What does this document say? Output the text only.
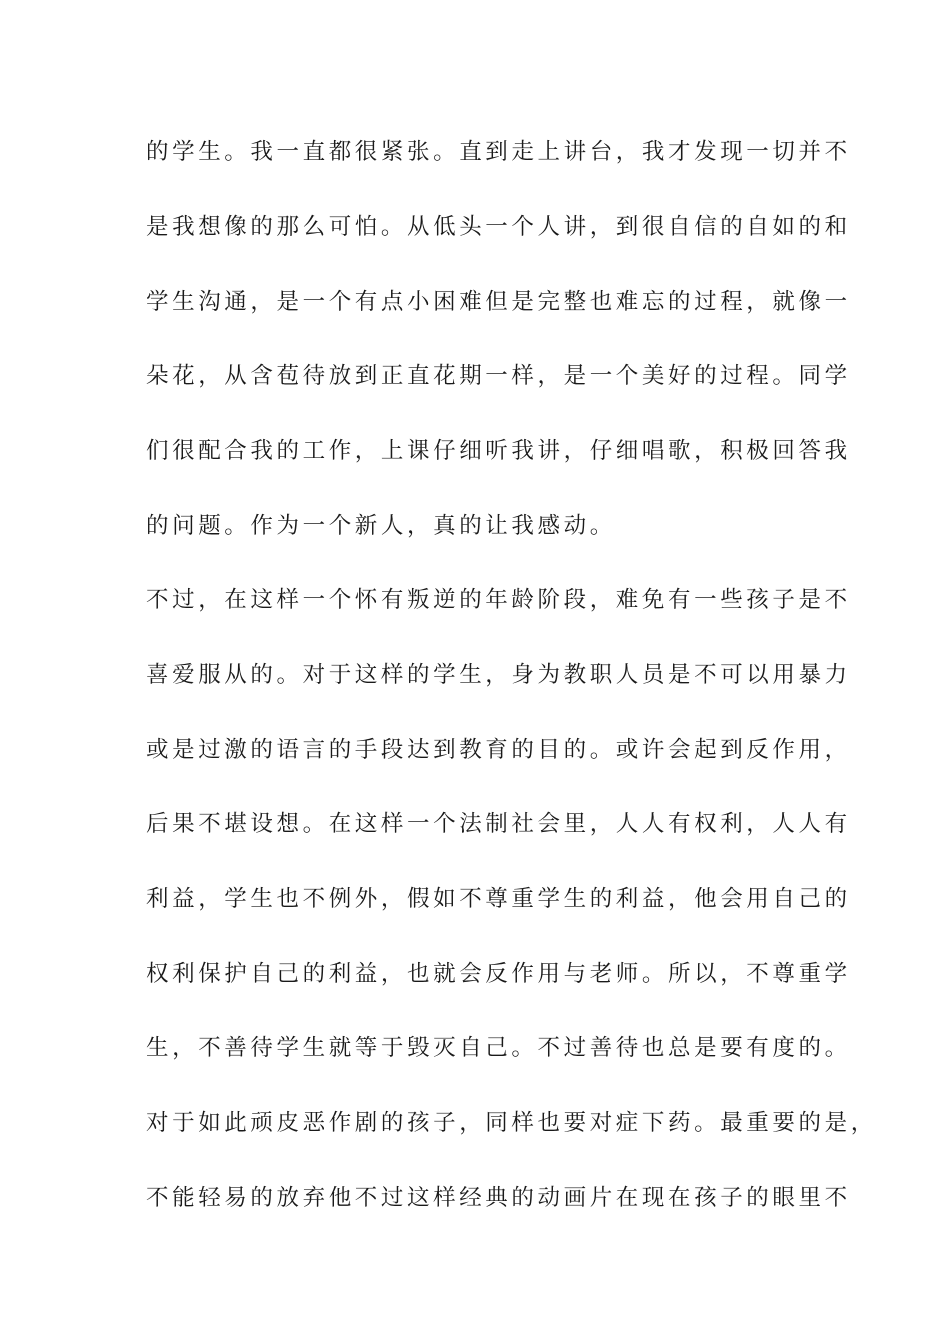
的学生。我一直都很紧张。直到走上讲台，我才发现一切并不
是我想像的那么可怕。从低头一个人讲，到很自信的自如的和
学生沟通，是一个有点小困难但是完整也难忘的过程，就像一
朵花，从含苞待放到正直花期一样，是一个美好的过程。同学
们很配合我的工作，上课仔细听我讲，仔细唱歌，积极回答我
的问题。作为一个新人，真的让我感动。
不过，在这样一个怀有叛逆的年龄阶段，难免有一些孩子是不
喜爱服从的。对于这样的学生，身为教职人员是不可以用暴力
或是过激的语言的手段达到教育的目的。或许会起到反作用，
后果不堪设想。在这样一个法制社会里，人人有权利，人人有
利益，学生也不例外，假如不尊重学生的利益，他会用自己的
权利保护自己的利益，也就会反作用与老师。所以，不尊重学
生，不善待学生就等于毁灭自己。不过善待也总是要有度的。
对于如此顽皮恶作剧的孩子，同样也要对症下药。最重要的是，
不能轻易的放弃他不过这样经典的动画片在现在孩子的眼里不
